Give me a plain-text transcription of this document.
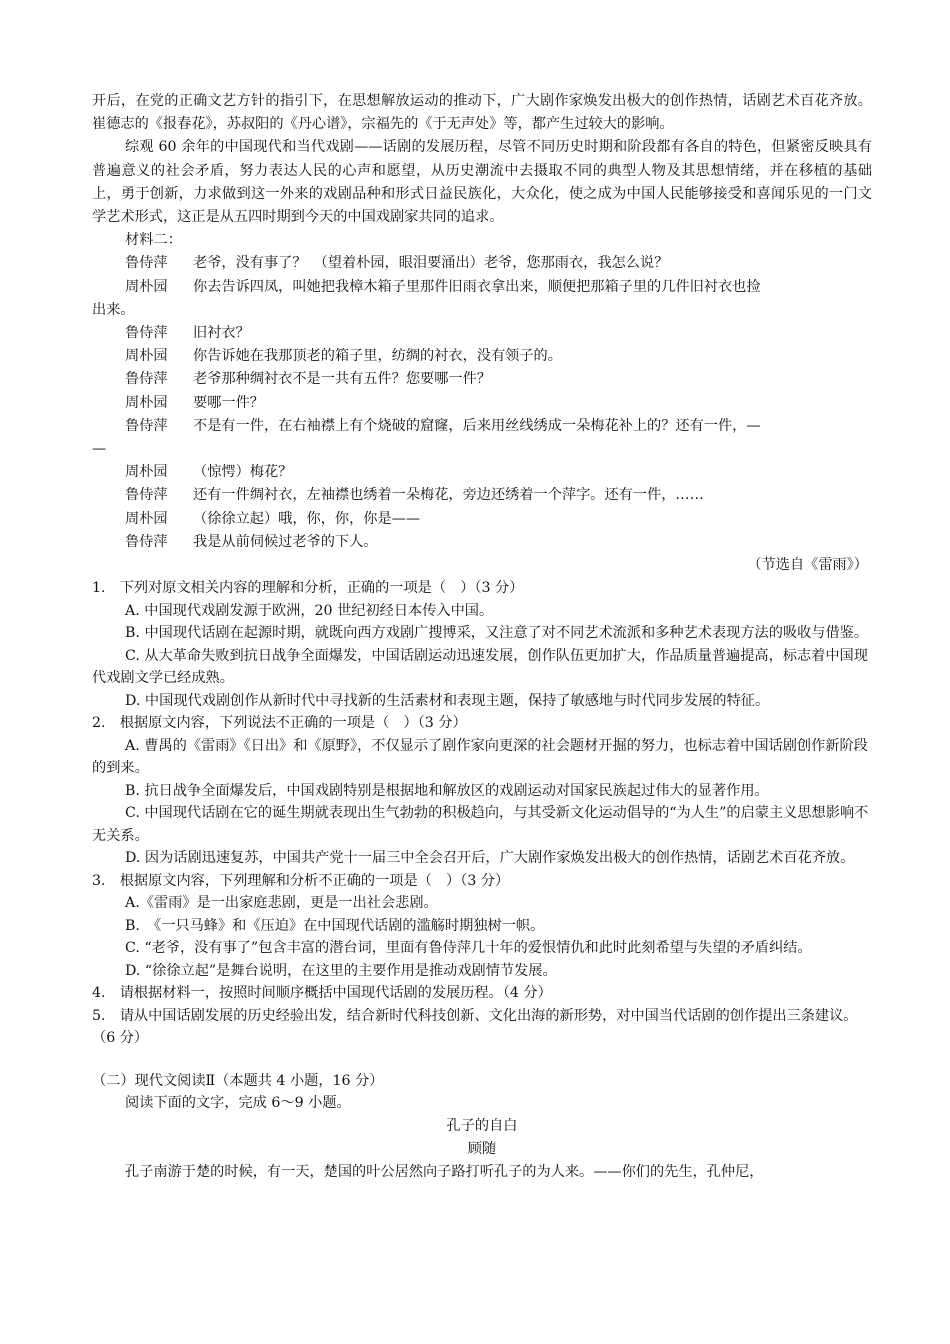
开后，在党的正确文艺方针的指引下，在思想解放运动的推动下，广大剧作家焕发出极大的创作热情，话剧艺术百花齐放。崔德志的《报春花》，苏叔阳的《丹心谱》，宗福先的《于无声处》等，都产生过较大的影响。

综观 60 余年的中国现代和当代戏剧——话剧的发展历程，尽管不同历史时期和阶段都有各自的特色，但紧密反映具有普遍意义的社会矛盾，努力表达人民的心声和愿望，从历史潮流中去摄取不同的典型人物及其思想情绪，并在移植的基础上，勇于创新，力求做到这一外来的戏剧品种和形式日益民族化，大众化，使之成为中国人民能够接受和喜闻乐见的一门文学艺术形式，这正是从五四时期到今天的中国戏剧家共同的追求。

材料二：

鲁侍萍	老爷，没有事了？　（望着朴园，眼泪要涌出）老爷，您那雨衣，我怎么说？
周朴园	你去告诉四凤，叫她把我樟木箱子里那件旧雨衣拿出来，顺便把那箱子里的几件旧衬衣也捡
出来。
鲁侍萍	旧衬衣？
周朴园	你告诉她在我那顶老的箱子里，纺绸的衬衣，没有领子的。
鲁侍萍	老爷那种绸衬衣不是一共有五件？您要哪一件？
周朴园	要哪一件？
鲁侍萍	不是有一件，在右袖襟上有个烧破的窟窿，后来用丝线绣成一朵梅花补上的？还有一件，—
—
周朴园	（惊愕）梅花？
鲁侍萍	还有一件绸衬衣，左袖襟也绣着一朵梅花，旁边还绣着一个萍字。还有一件，……
周朴园	（徐徐立起）哦，你，你，你是——
鲁侍萍	我是从前伺候过老爷的下人。
（节选自《雷雨》）

1.　下列对原文相关内容的理解和分析，正确的一项是（　）（3 分）

A. 中国现代戏剧发源于欧洲，20 世纪初经日本传入中国。

B. 中国现代话剧在起源时期，就既向西方戏剧广搜博采，又注意了对不同艺术流派和多种艺术表现方法的吸收与借鉴。

C. 从大革命失败到抗日战争全面爆发，中国话剧运动迅速发展，创作队伍更加扩大，作品质量普遍提高，标志着中国现代戏剧文学已经成熟。

D. 中国现代戏剧创作从新时代中寻找新的生活素材和表现主题，保持了敏感地与时代同步发展的特征。

2.　根据原文内容，下列说法不正确的一项是（　）（3 分）

A. 曹禺的《雷雨》《日出》和《原野》，不仅显示了剧作家向更深的社会题材开掘的努力，也标志着中国话剧创作新阶段的到来。

B. 抗日战争全面爆发后，中国戏剧特别是根据地和解放区的戏剧运动对国家民族起过伟大的显著作用。

C. 中国现代话剧在它的诞生期就表现出生气勃勃的积极趋向，与其受新文化运动倡导的“为人生”的启蒙主义思想影响不无关系。

D. 因为话剧迅速复苏，中国共产党十一届三中全会召开后，广大剧作家焕发出极大的创作热情，话剧艺术百花齐放。

3.　根据原文内容，下列理解和分析不正确的一项是（　）（3 分）

A.《雷雨》是一出家庭悲剧，更是一出社会悲剧。

B.　《一只马蜂》和《压迫》在中国现代话剧的滥觞时期独树一帜。

C. “老爷，没有事了”包含丰富的潜台词，里面有鲁侍萍几十年的爱恨情仇和此时此刻希望与失望的矛盾纠结。

D. “徐徐立起”是舞台说明，在这里的主要作用是推动戏剧情节发展。

4.　请根据材料一，按照时间顺序概括中国现代话剧的发展历程。（4 分）

5.　请从中国话剧发展的历史经验出发，结合新时代科技创新、文化出海的新形势，对中国当代话剧的创作提出三条建议。（6 分）

（二）现代文阅读Ⅱ（本题共 4 小题，16 分）

阅读下面的文字，完成 6～9 小题。

孔子的自白
顾随

孔子南游于楚的时候，有一天，楚国的叶公居然向子路打听孔子的为人来。——你们的先生，孔仲尼，
